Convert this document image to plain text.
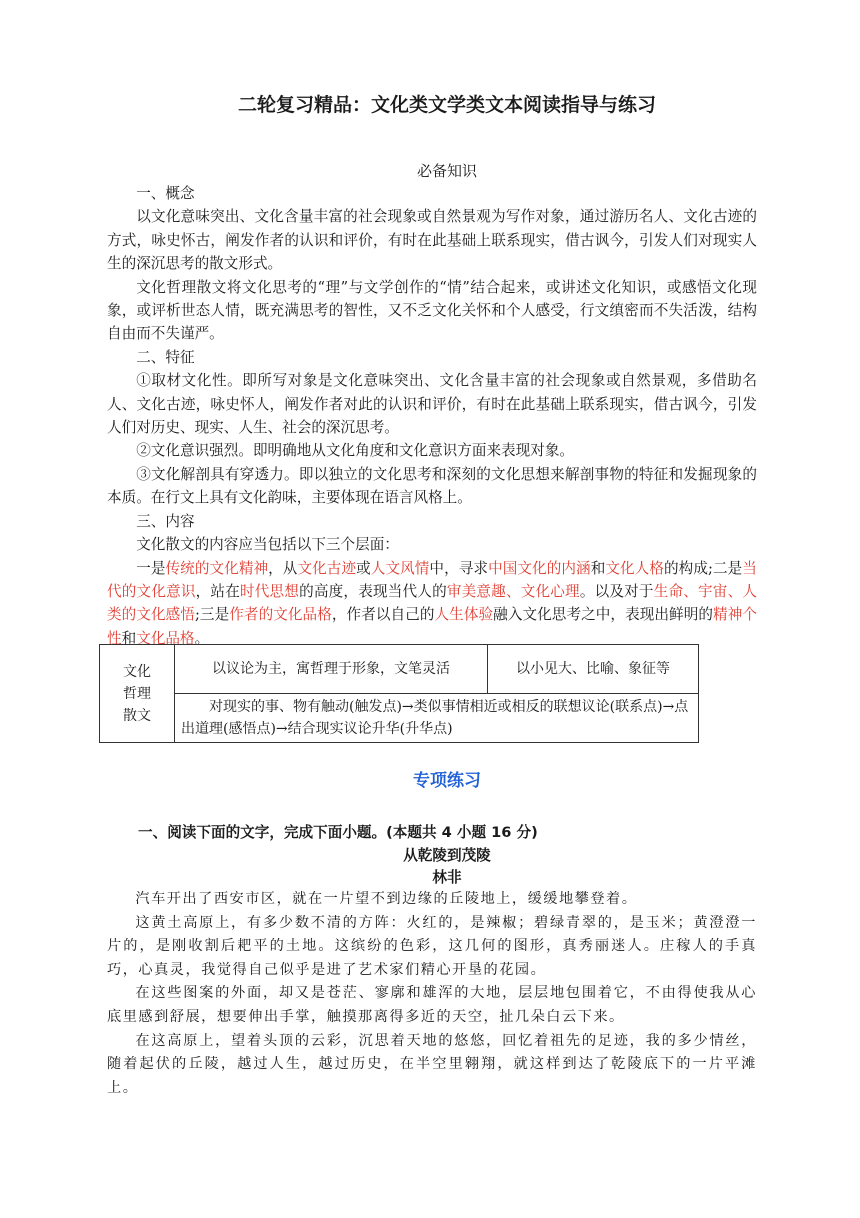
二轮复习精品：文化类文学类文本阅读指导与练习
必备知识

一、概念

以文化意味突出、文化含量丰富的社会现象或自然景观为写作对象，通过游历名人、文化古迹的方式，咏史怀古，阐发作者的认识和评价，有时在此基础上联系现实，借古讽今，引发人们对现实人生的深沉思考的散文形式。

文化哲理散文将文化思考的“理”与文学创作的“情”结合起来，或讲述文化知识，或感悟文化现象，或评析世态人情，既充满思考的智性，又不乏文化关怀和个人感受，行文缜密而不失活泼，结构自由而不失谨严。

二、特征

①取材文化性。即所写对象是文化意味突出、文化含量丰富的社会现象或自然景观，多借助名人、文化古迹，咏史怀人，阐发作者对此的认识和评价，有时在此基础上联系现实，借古讽今，引发人们对历史、现实、人生、社会的深沉思考。

②文化意识强烈。即明确地从文化角度和文化意识方面来表现对象。

③文化解剖具有穿透力。即以独立的文化思考和深刻的文化思想来解剖事物的特征和发掘现象的本质。在行文上具有文化韵味，主要体现在语言风格上。

三、内容

文化散文的内容应当包括以下三个层面：

一是传统的文化精神，从文化古迹或人文风情中，寻求中国文化的内涵和文化人格的构成;二是当代的文化意识，站在时代思想的高度，表现当代人的审美意趣、文化心理。以及对于生命、宇宙、人类的文化感悟;三是作者的文化品格，作者以自己的人生体验融入文化思考之中，表现出鲜明的精神个性和文化品格。

文化
哲理
散文
	以议论为主，寓哲理于形象，文笔灵活	以小见大、比喻、象征等
对现实的事、物有触动(触发点)→类似事情相近或相反的联想议论(联系点)→点出道理(感悟点)→结合现实议论升华(升华点)
专项练习
一、阅读下面的文字，完成下面小题。(本题共 4 小题 16 分)
从乾陵到茂陵
林非

汽车开出了西安市区，就在一片望不到边缘的丘陵地上，缓缓地攀登着。

这黄土高原上，有多少数不清的方阵：火红的，是辣椒；碧绿青翠的，是玉米；黄澄澄一片的，是刚收割后耙平的土地。这缤纷的色彩，这几何的图形，真秀丽迷人。庄稼人的手真巧，心真灵，我觉得自己似乎是进了艺术家们精心开垦的花园。

在这些图案的外面，却又是苍茫、寥廓和雄浑的大地，层层地包围着它，不由得使我从心底里感到舒展，想要伸出手掌，触摸那离得多近的天空，扯几朵白云下来。

在这高原上，望着头顶的云彩，沉思着天地的悠悠，回忆着祖先的足迹，我的多少情丝，随着起伏的丘陵，越过人生，越过历史，在半空里翱翔，就这样到达了乾陵底下的一片平滩上。
